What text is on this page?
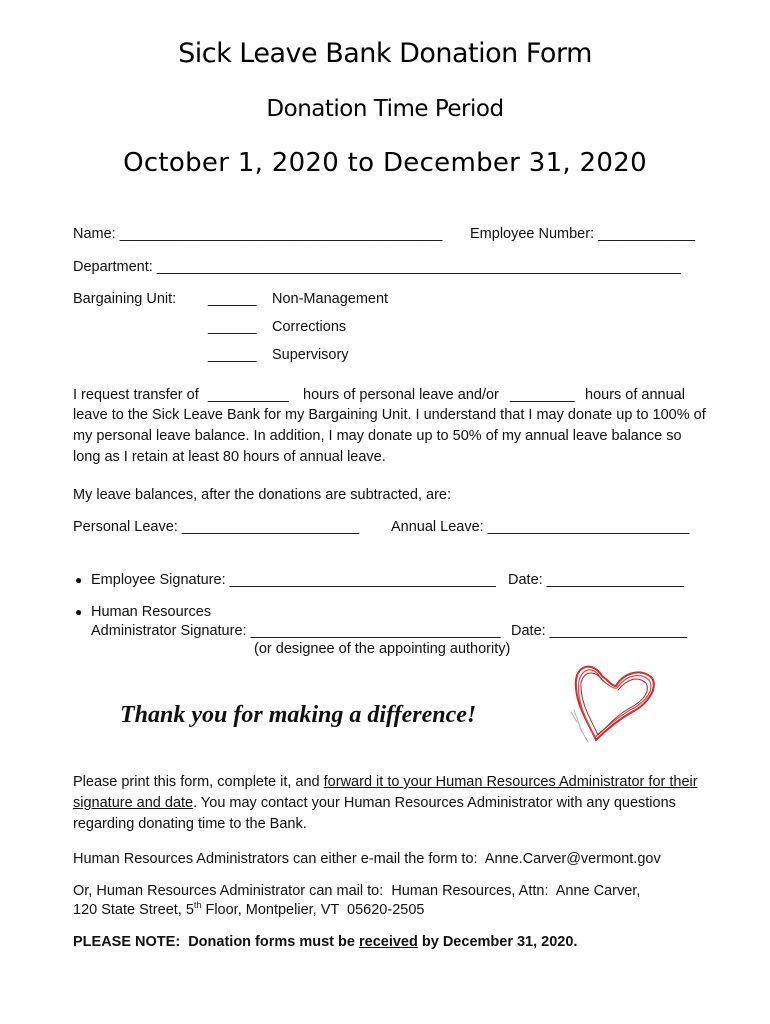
Sick Leave Bank Donation Form
Donation Time Period
October 1, 2020 to December 31, 2020
Name: ________________________________________ Employee Number: ____________
Department: _________________________________________________________________
Bargaining Unit: ______ Non-Management
______ Corrections
______ Supervisory
I request transfer of __________ hours of personal leave and/or ________ hours of annual
leave to the Sick Leave Bank for my Bargaining Unit. I understand that I may donate up to 100% of my personal leave balance. In addition, I may donate up to 50% of my annual leave balance so long as I retain at least 80 hours of annual leave.
My leave balances, after the donations are subtracted, are:
Personal Leave: ______________________ Annual Leave: _________________________
● Employee Signature: _________________________________ Date: _________________
● Human Resources
Administrator Signature: _______________________________ Date: _________________
(or designee of the appointing authority)
Thank you for making a difference!
Please print this form, complete it, and forward it to your Human Resources Administrator for their signature and date. You may contact your Human Resources Administrator with any questions regarding donating time to the Bank.
Human Resources Administrators can either e-mail the form to:  Anne.Carver@vermont.gov
Or, Human Resources Administrator can mail to:  Human Resources, Attn:  Anne Carver,
120 State Street, 5th Floor, Montpelier, VT  05620-2505
PLEASE NOTE:  Donation forms must be received by December 31, 2020.
